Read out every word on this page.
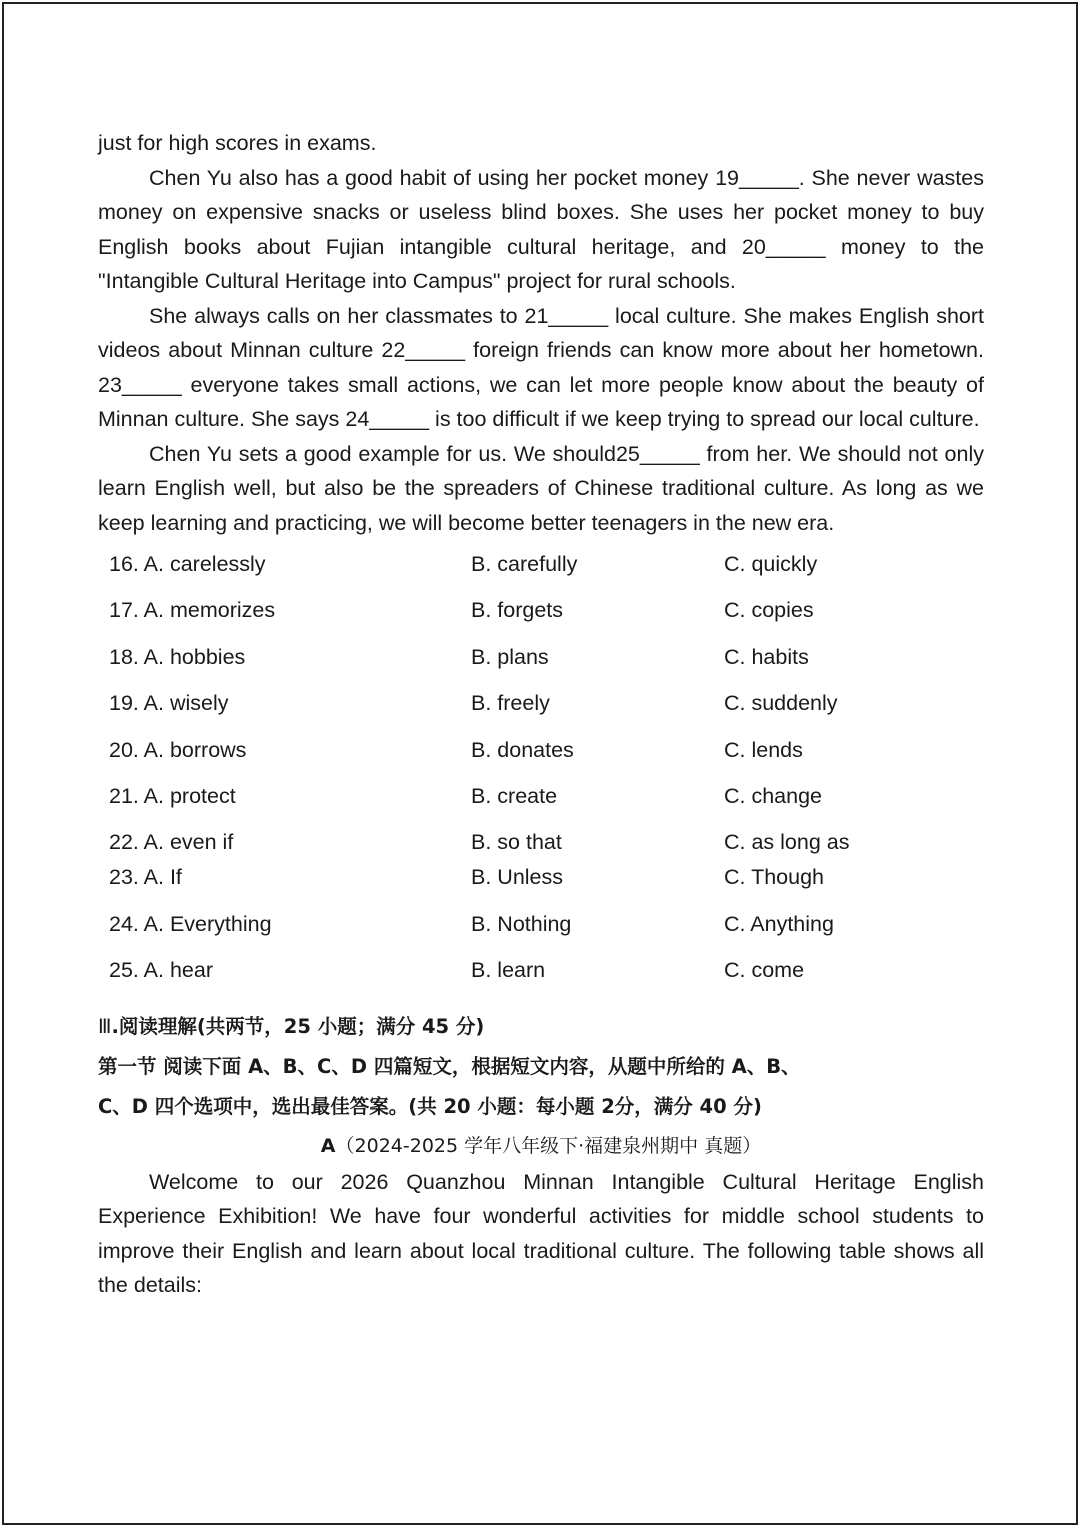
just for high scores in exams.

Chen Yu also has a good habit of using her pocket money 19_____. She never wastes money on expensive snacks or useless blind boxes. She uses her pocket money to buy English books about Fujian intangible cultural heritage, and 20_____ money to the "Intangible Cultural Heritage into Campus" project for rural schools.

She always calls on her classmates to 21_____ local culture. She makes English short videos about Minnan culture 22_____ foreign friends can know more about her hometown. 23_____ everyone takes small actions, we can let more people know about the beauty of Minnan culture. She says 24_____ is too difficult if we keep trying to spread our local culture.

Chen Yu sets a good example for us. We should25_____ from her. We should not only learn English well, but also be the spreaders of Chinese traditional culture. As long as we keep learning and practicing, we will become better teenagers in the new era.

16. A. carelessly	B. carefully	C. quickly
17. A. memorizes	B. forgets	C. copies
18. A. hobbies	B. plans	C. habits
19. A. wisely	B. freely	C. suddenly
20. A. borrows	B. donates	C. lends
21. A. protect	B. create	C. change
22. A. even if	B. so that	C. as long as
23. A. If	B. Unless	C. Though
24. A. Everything	B. Nothing	C. Anything
25. A. hear	B. learn	C. come

Ⅲ.阅读理解(共两节，25 小题；满分 45 分)

第一节 阅读下面 A、B、C、D 四篇短文，根据短文内容，从题中所给的 A、B、

C、D 四个选项中，选出最佳答案。(共 20 小题：每小题 2分，满分 40 分)

A（2024-2025 学年八年级下·福建泉州期中 真题）

Welcome to our 2026 Quanzhou Minnan Intangible Cultural Heritage English Experience Exhibition! We have four wonderful activities for middle school students to improve their English and learn about local traditional culture. The following table shows all the details:
